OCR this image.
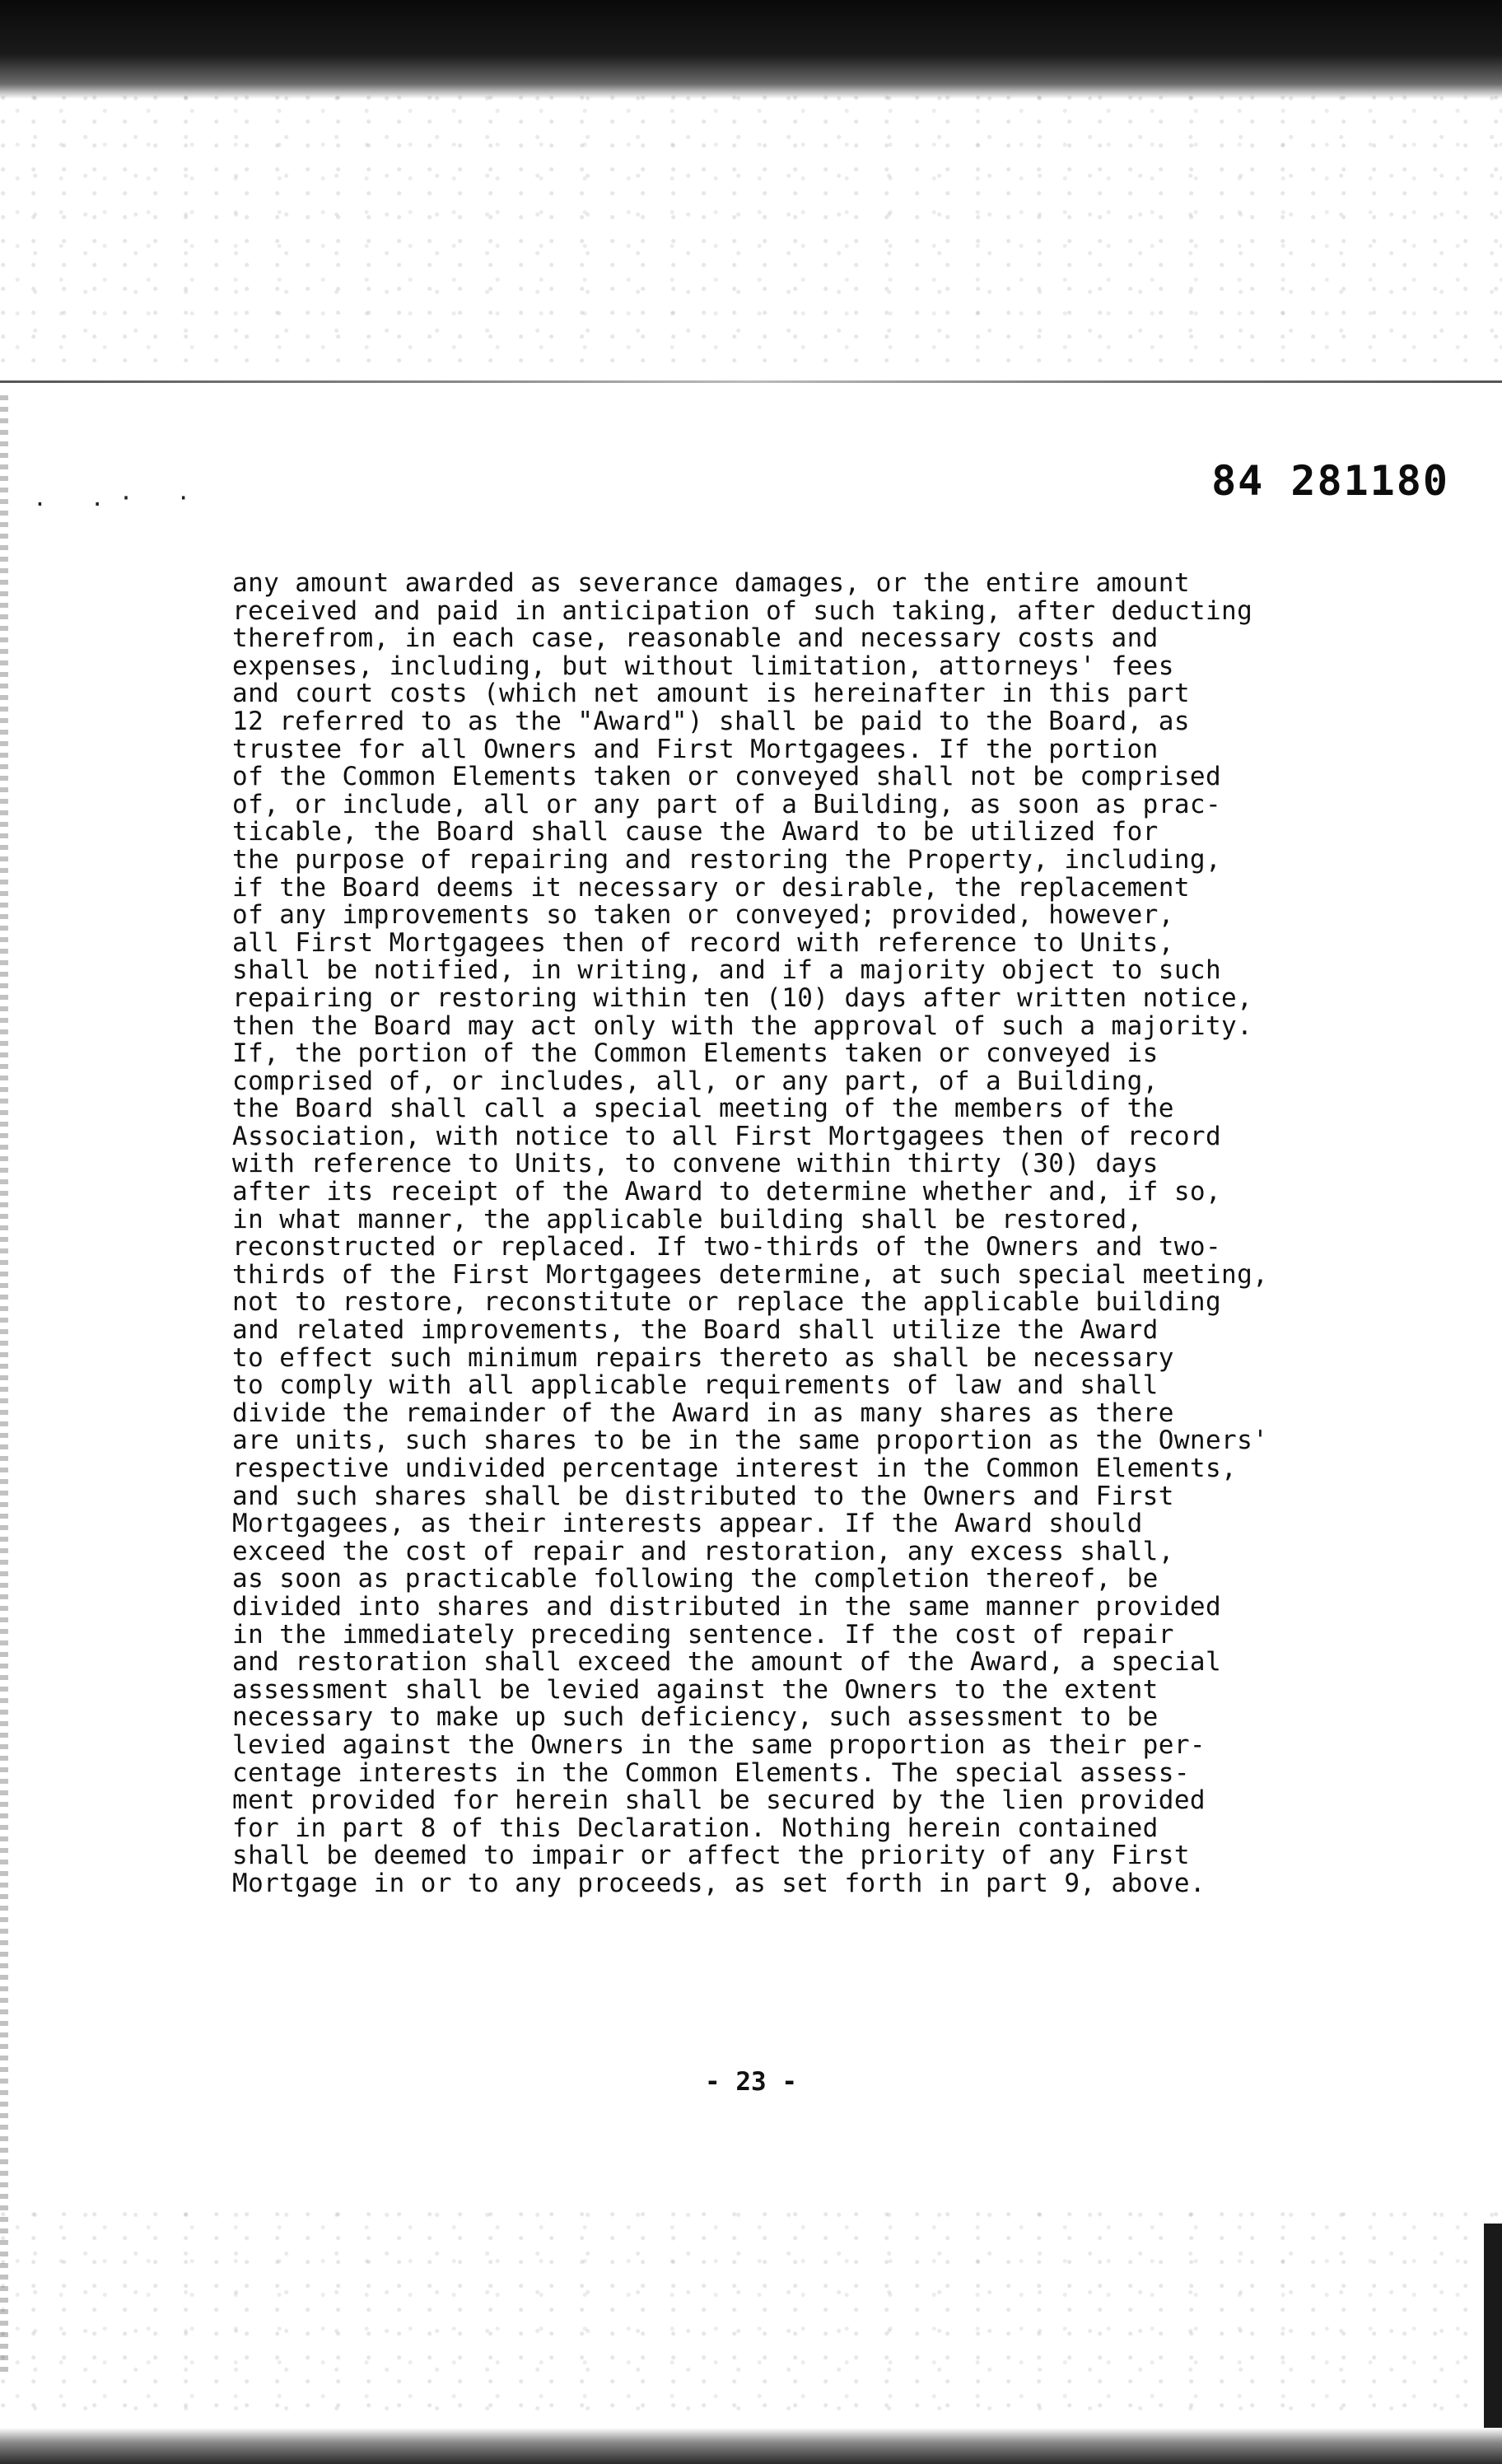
. .· ·	84 281180
any amount awarded as severance damages, or the entire amount
received and paid in anticipation of such taking, after deducting
therefrom, in each case, reasonable and necessary costs and
expenses, including, but without limitation, attorneys' fees
and court costs (which net amount is hereinafter in this part
12 referred to as the "Award") shall be paid to the Board, as
trustee for all Owners and First Mortgagees. If the portion
of the Common Elements taken or conveyed shall not be comprised
of, or include, all or any part of a Building, as soon as prac-
ticable, the Board shall cause the Award to be utilized for
the purpose of repairing and restoring the Property, including,
if the Board deems it necessary or desirable, the replacement
of any improvements so taken or conveyed; provided, however,
all First Mortgagees then of record with reference to Units,
shall be notified, in writing, and if a majority object to such
repairing or restoring within ten (10) days after written notice,
then the Board may act only with the approval of such a majority.
If, the portion of the Common Elements taken or conveyed is
comprised of, or includes, all, or any part, of a Building,
the Board shall call a special meeting of the members of the
Association, with notice to all First Mortgagees then of record
with reference to Units, to convene within thirty (30) days
after its receipt of the Award to determine whether and, if so,
in what manner, the applicable building shall be restored,
reconstructed or replaced. If two-thirds of the Owners and two-
thirds of the First Mortgagees determine, at such special meeting,
not to restore, reconstitute or replace the applicable building
and related improvements, the Board shall utilize the Award
to effect such minimum repairs thereto as shall be necessary
to comply with all applicable requirements of law and shall
divide the remainder of the Award in as many shares as there
are units, such shares to be in the same proportion as the Owners'
respective undivided percentage interest in the Common Elements,
and such shares shall be distributed to the Owners and First
Mortgagees, as their interests appear. If the Award should
exceed the cost of repair and restoration, any excess shall,
as soon as practicable following the completion thereof, be
divided into shares and distributed in the same manner provided
in the immediately preceding sentence. If the cost of repair
and restoration shall exceed the amount of the Award, a special
assessment shall be levied against the Owners to the extent
necessary to make up such deficiency, such assessment to be
levied against the Owners in the same proportion as their per-
centage interests in the Common Elements. The special assess-
ment provided for herein shall be secured by the lien provided
for in part 8 of this Declaration. Nothing herein contained
shall be deemed to impair or affect the priority of any First
Mortgage in or to any proceeds, as set forth in part 9, above.
- 23 -
